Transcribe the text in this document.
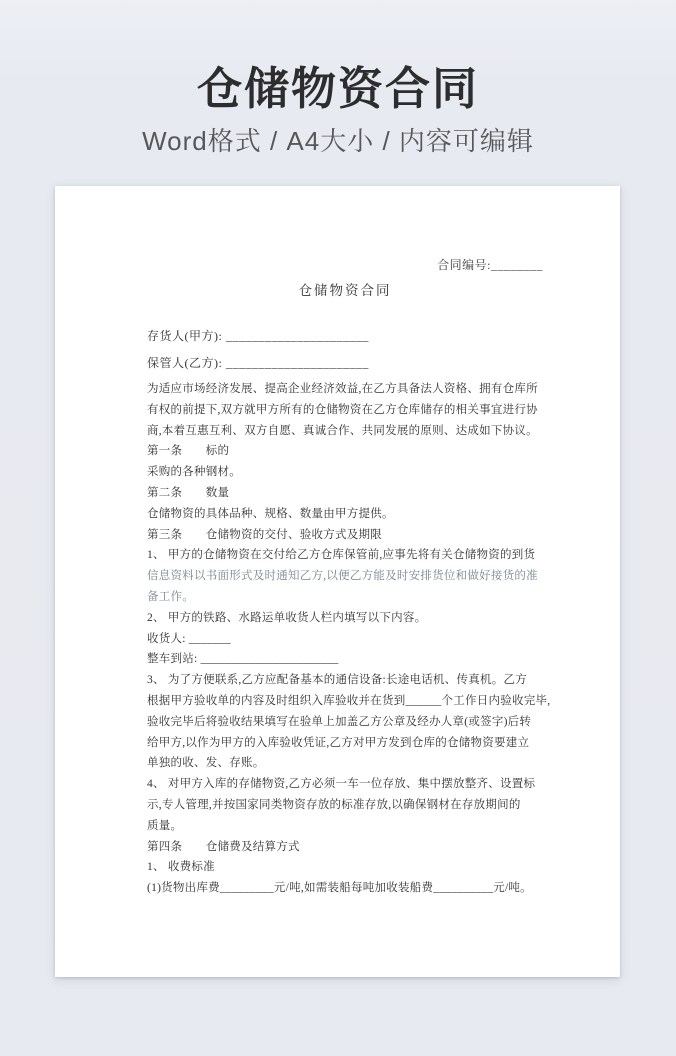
仓储物资合同
Word格式 / A4大小 / 内容可编辑
合同编号:________
仓储物资合同
存货人(甲方): ______________________
保管人(乙方): ______________________
为适应市场经济发展、提高企业经济效益,在乙方具备法人资格、拥有仓库所
有权的前提下,双方就甲方所有的仓储物资在乙方仓库储存的相关事宜进行协
商,本着互惠互利、双方自愿、真诚合作、共同发展的原则、达成如下协议。
第一条　　标的
采购的各种钢材。
第二条　　数量
仓储物资的具体品种、规格、数量由甲方提供。
第三条　　仓储物资的交付、验收方式及期限
1、 甲方的仓储物资在交付给乙方仓库保管前,应事先将有关仓储物资的到货
信息资料以书面形式及时通知乙方,以便乙方能及时安排货位和做好接货的准
备工作。
2、 甲方的铁路、水路运单收货人栏内填写以下内容。
收货人: _______
整车到站: _______________________
3、 为了方便联系,乙方应配备基本的通信设备:长途电话机、传真机。乙方
根据甲方验收单的内容及时组织入库验收并在货到______个工作日内验收完毕,
验收完毕后将验收结果填写在验单上加盖乙方公章及经办人章(或签字)后转
给甲方,以作为甲方的入库验收凭证,乙方对甲方发到仓库的仓储物资要建立
单独的收、发、存账。
4、 对甲方入库的存储物资,乙方必须一车一位存放、集中摆放整齐、设置标
示,专人管理,并按国家同类物资存放的标准存放,以确保钢材在存放期间的
质量。
第四条　　仓储费及结算方式
1、 收费标准
(1)货物出库费_________元/吨,如需装船每吨加收装船费__________元/吨。
